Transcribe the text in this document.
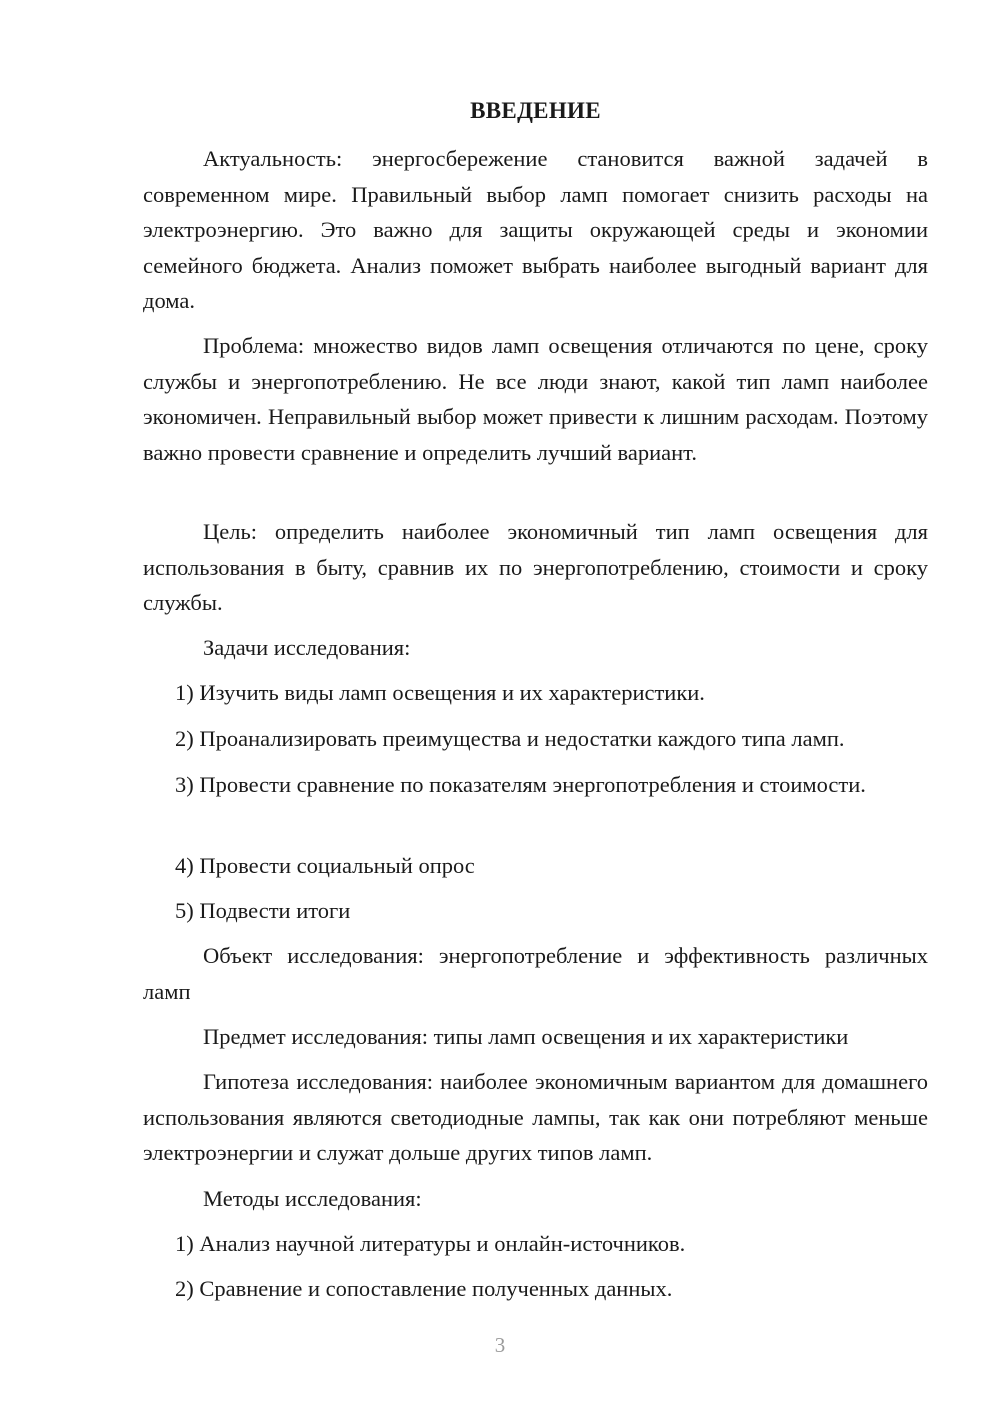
ВВЕДЕНИЕ

Актуальность: энергосбережение становится важной задачей в современном мире. Правильный выбор ламп помогает снизить расходы на электроэнергию. Это важно для защиты окружающей среды и экономии семейного бюджета. Анализ поможет выбрать наиболее выгодный вариант для дома.

Проблема: множество видов ламп освещения отличаются по цене, сроку службы и энергопотреблению. Не все люди знают, какой тип ламп наиболее экономичен. Неправильный выбор может привести к лишним расходам. Поэтому важно провести сравнение и определить лучший вариант.

Цель: определить наиболее экономичный тип ламп освещения для использования в быту, сравнив их по энергопотреблению, стоимости и сроку службы.

Задачи исследования:

1) Изучить виды ламп освещения и их характеристики.

2) Проанализировать преимущества и недостатки каждого типа ламп.

3) Провести сравнение по показателям энергопотребления и стоимости.

4) Провести социальный опрос

5) Подвести итоги

Объект исследования: энергопотребление и эффективность различных ламп

Предмет исследования: типы ламп освещения и их характеристики

Гипотеза исследования: наиболее экономичным вариантом для домашнего использования являются светодиодные лампы, так как они потребляют меньше электроэнергии и служат дольше других типов ламп.

Методы исследования:

1) Анализ научной литературы и онлайн-источников.

2) Сравнение и сопоставление полученных данных.

3
